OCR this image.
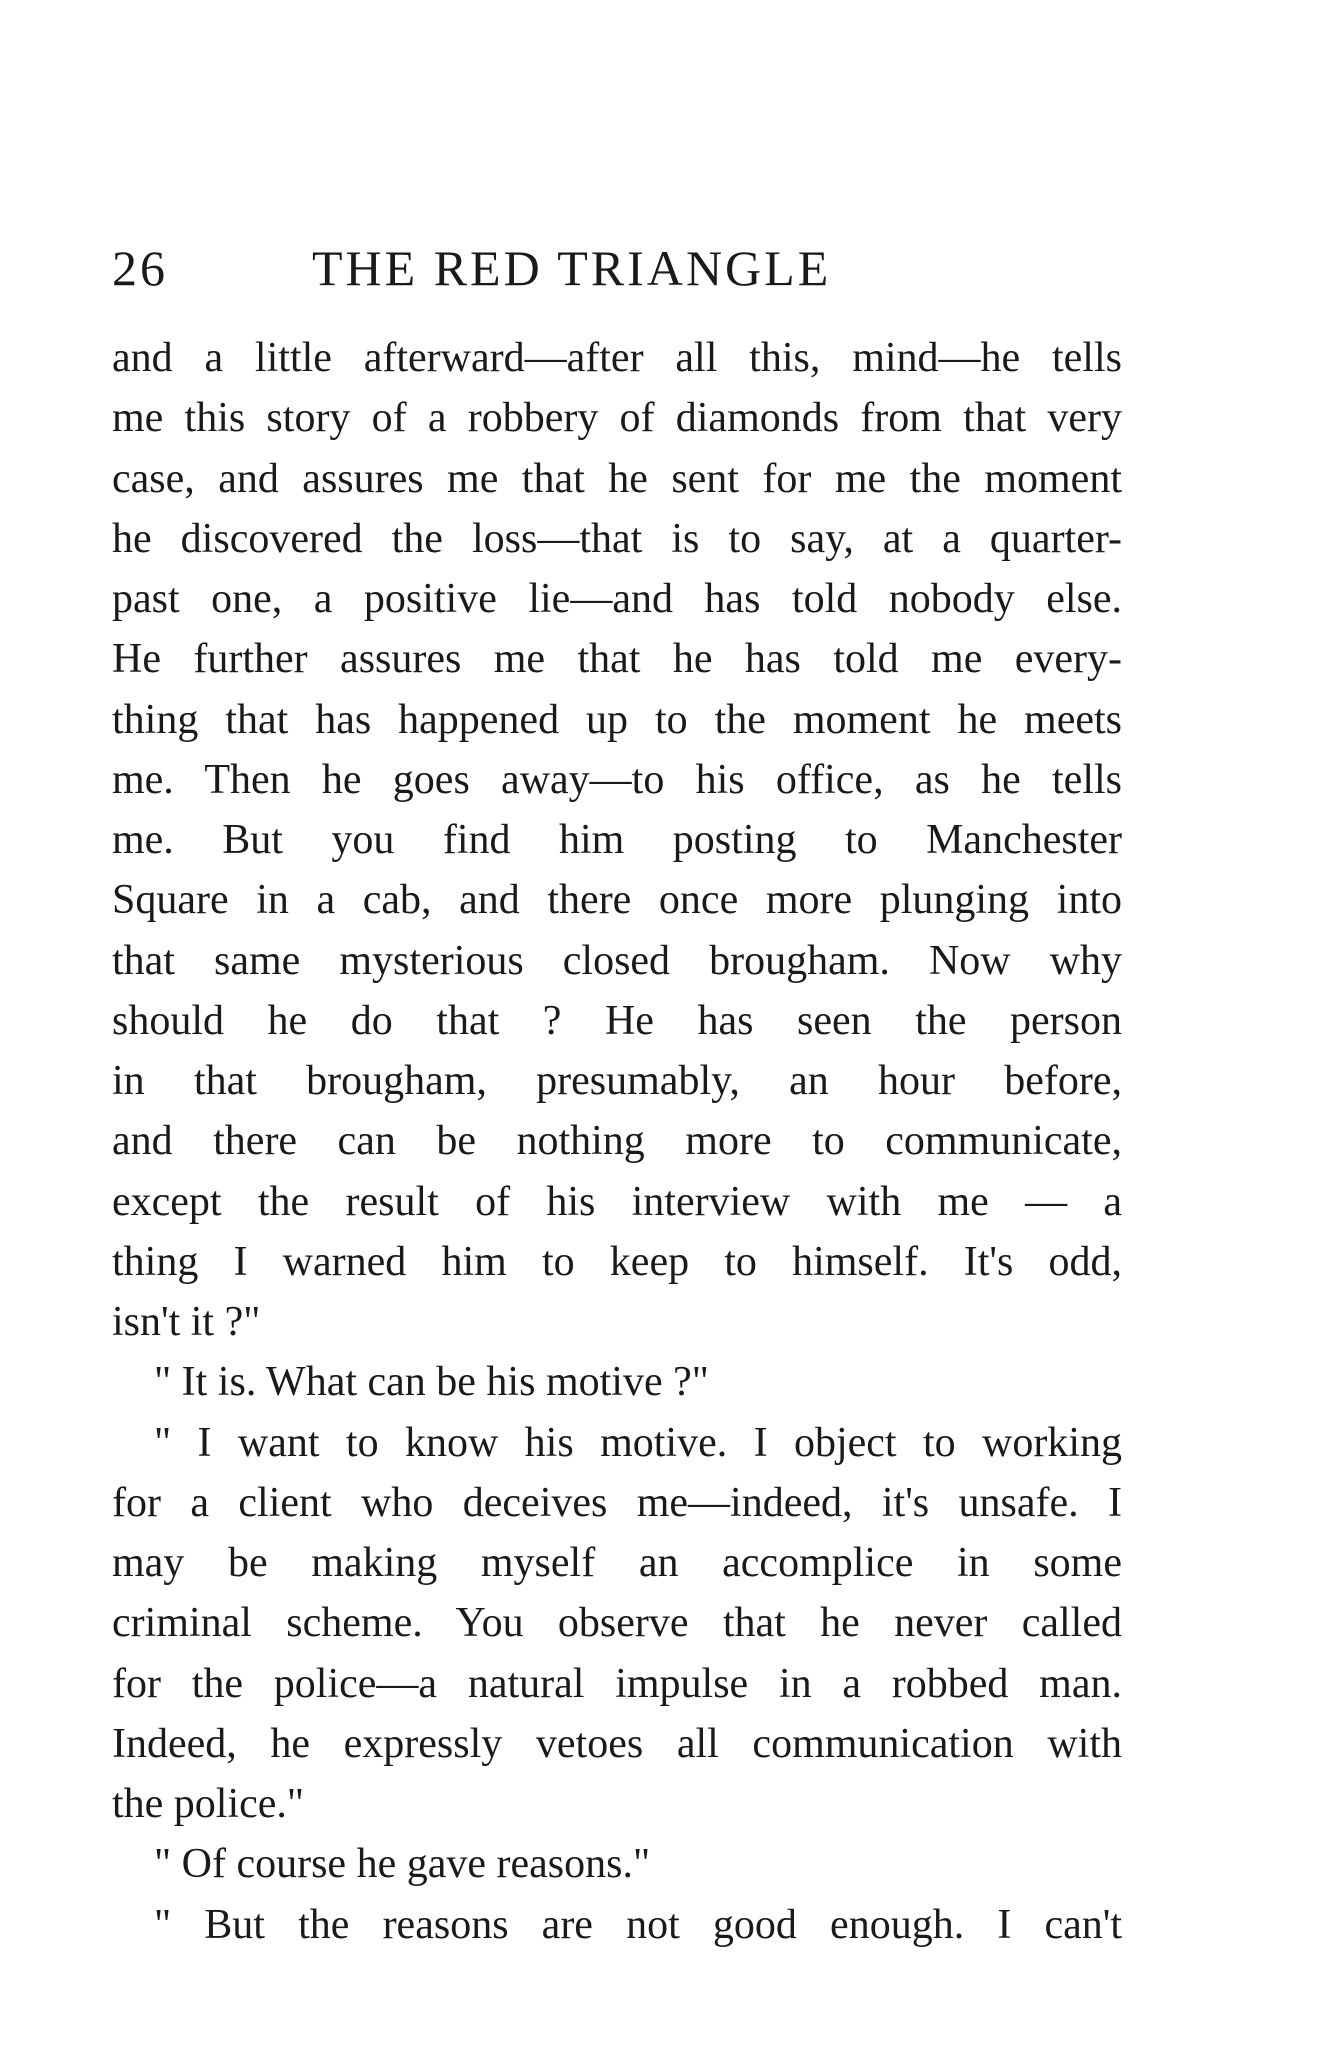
26	THE RED TRIANGLE
and a little afterward—after all this, mind—he tells
me this story of a robbery of diamonds from that very
case, and assures me that he sent for me the moment
he discovered the loss—that is to say, at a quarter-
past one, a positive lie—and has told nobody else.
He further assures me that he has told me every-
thing that has happened up to the moment he meets
me. Then he goes away—to his office, as he tells
me. But you find him posting to Manchester
Square in a cab, and there once more plunging into
that same mysterious closed brougham. Now why
should he do that ? He has seen the person
in that brougham, presumably, an hour before,
and there can be nothing more to communicate,
except the result of his interview with me — a
thing I warned him to keep to himself. It's odd,
isn't it ?"
" It is. What can be his motive ?"
" I want to know his motive. I object to working
for a client who deceives me—indeed, it's unsafe. I
may be making myself an accomplice in some
criminal scheme. You observe that he never called
for the police—a natural impulse in a robbed man.
Indeed, he expressly vetoes all communication with
the police."
" Of course he gave reasons."
" But the reasons are not good enough. I can't
